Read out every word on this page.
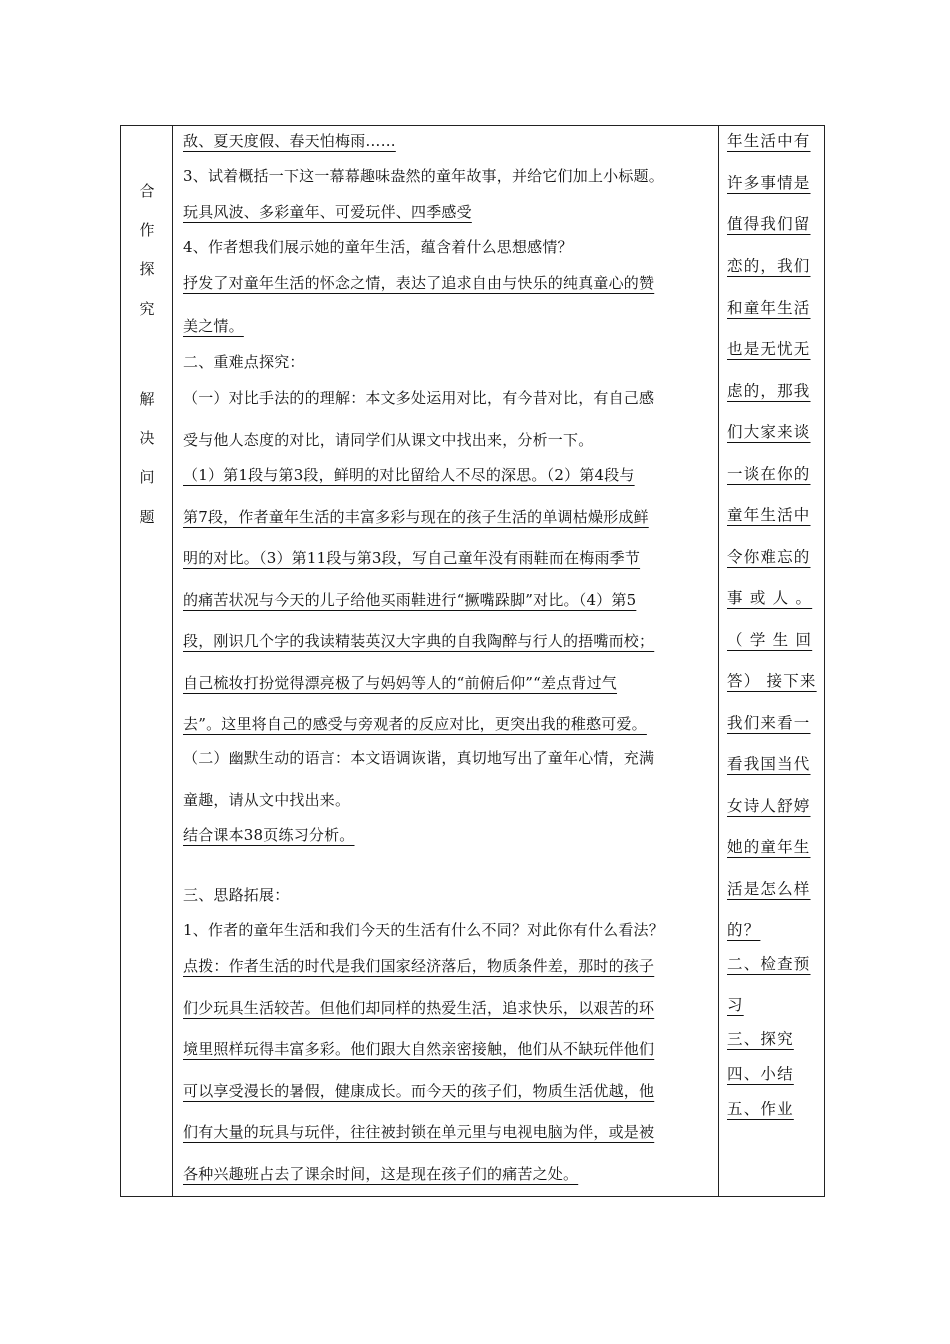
合
作
探
究
解
决
问
题
敌、夏天度假、春天怕梅雨……
3、试着概括一下这一幕幕趣味盎然的童年故事，并给它们加上小标题。
玩具风波、多彩童年、可爱玩伴、四季感受
4、作者想我们展示她的童年生活，蕴含着什么思想感情？
抒发了对童年生活的怀念之情，表达了追求自由与快乐的纯真童心的赞
美之情。
二、重难点探究：
（一）对比手法的的理解：本文多处运用对比，有今昔对比，有自己感
受与他人态度的对比，请同学们从课文中找出来，分析一下。
（1）第1段与第3段，鲜明的对比留给人不尽的深思。（2）第4段与
第7段，作者童年生活的丰富多彩与现在的孩子生活的单调枯燥形成鲜
明的对比。（3）第11段与第3段，写自己童年没有雨鞋而在梅雨季节
的痛苦状况与今天的儿子给他买雨鞋进行“撅嘴跺脚”对比。（4）第5
段，刚识几个字的我读精装英汉大字典的自我陶醉与行人的捂嘴而校；
自己梳妆打扮觉得漂亮极了与妈妈等人的“前俯后仰”“差点背过气
去”。这里将自己的感受与旁观者的反应对比，更突出我的稚憨可爱。
（二）幽默生动的语言：本文语调诙谐，真切地写出了童年心情，充满
童趣，请从文中找出来。
结合课本38页练习分析。
三、思路拓展：
1、作者的童年生活和我们今天的生活有什么不同？对此你有什么看法？
点拨：作者生活的时代是我们国家经济落后，物质条件差，那时的孩子
们少玩具生活较苦。但他们却同样的热爱生活，追求快乐，以艰苦的环
境里照样玩得丰富多彩。他们跟大自然亲密接触，他们从不缺玩伴他们
可以享受漫长的暑假，健康成长。而今天的孩子们，物质生活优越，他
们有大量的玩具与玩伴，往往被封锁在单元里与电视电脑为伴，或是被
各种兴趣班占去了课余时间，这是现在孩子们的痛苦之处。
年生活中有
许多事情是
值得我们留
恋的，我们
和童年生活
也是无忧无
虑的，那我
们大家来谈
一谈在你的
童年生活中
令你难忘的
事 或 人 。
（ 学 生 回
答） 接下来
我们来看一
看我国当代
女诗人舒婷
她的童年生
活是怎么样
的？
二、检查预
习
三、探究
四、小结
五、作业
